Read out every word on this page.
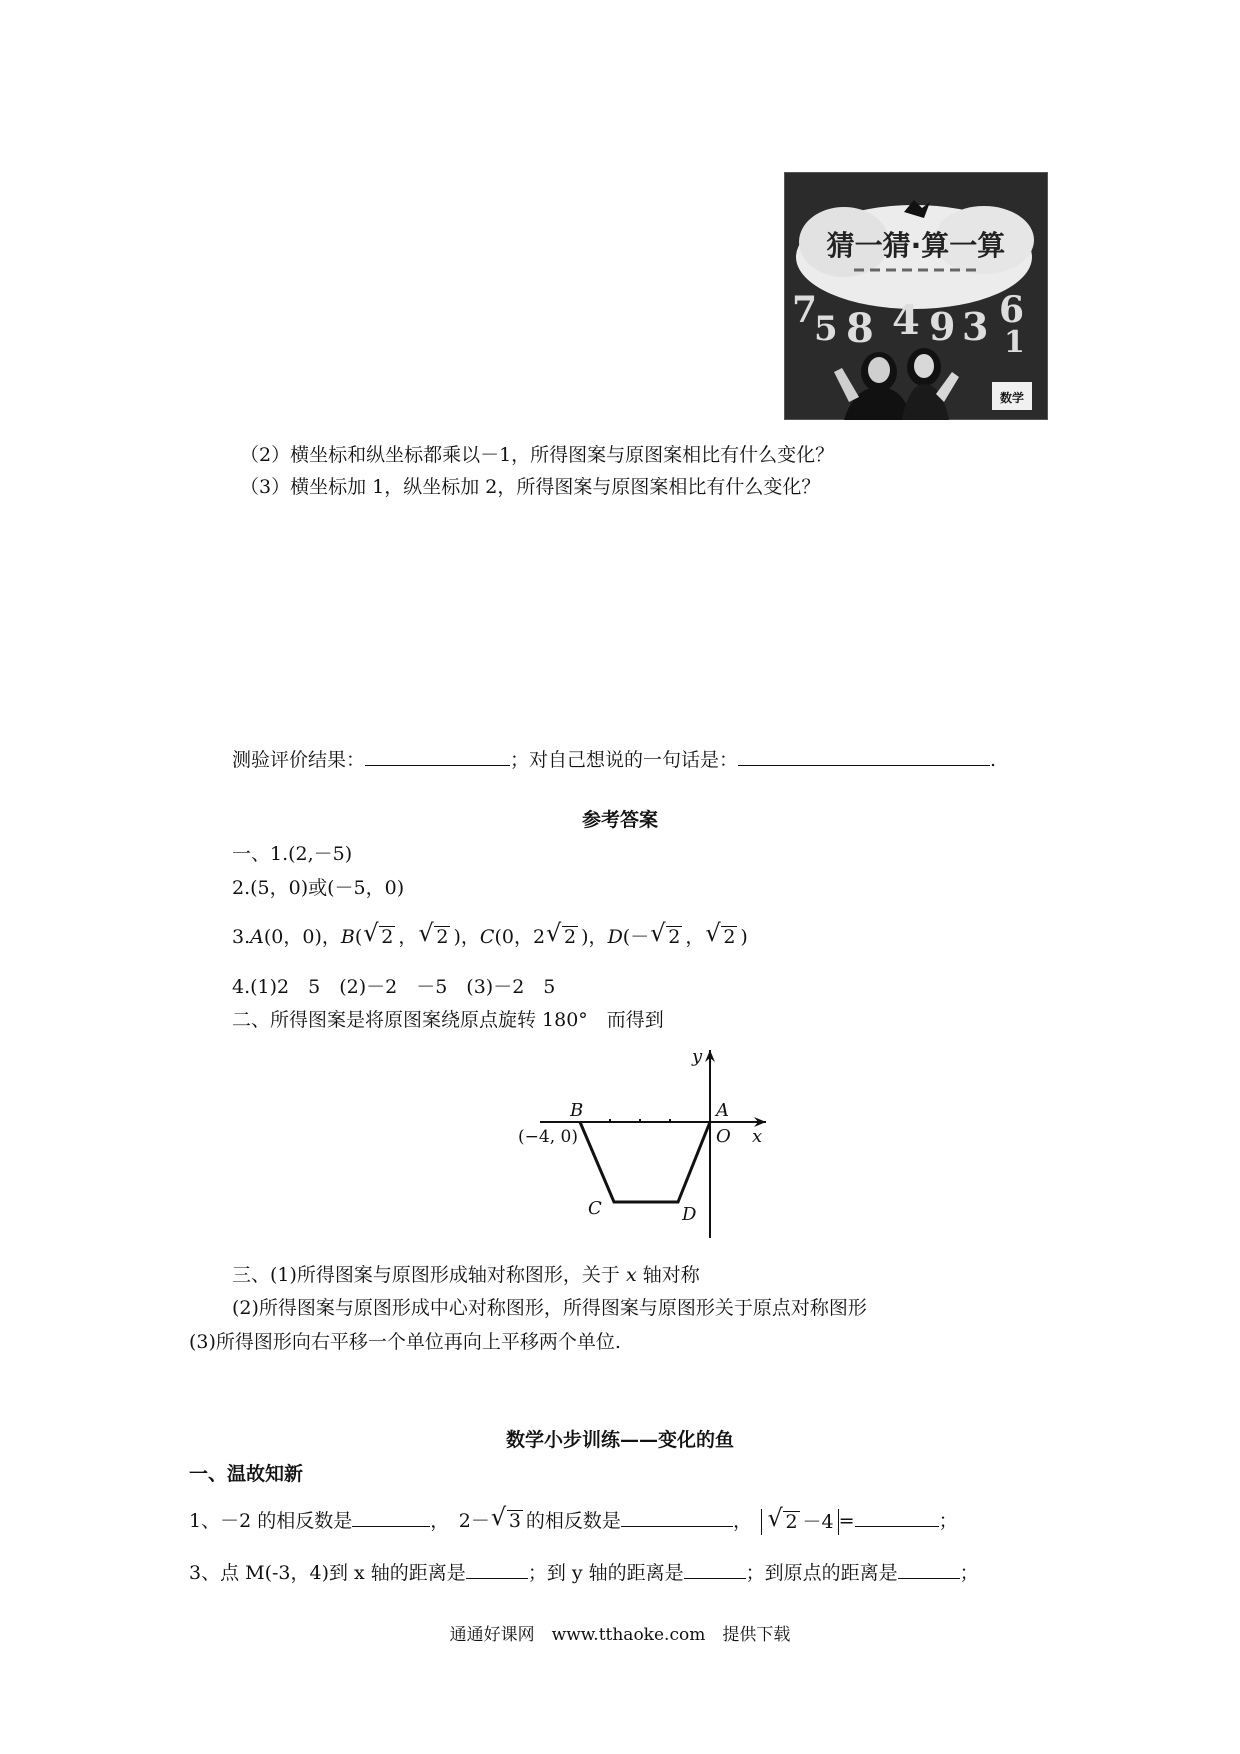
猜一猜·算一算
7
5 8 4 9 3 6
1
数学
（2）横坐标和纵坐标都乘以－1，所得图案与原图案相比有什么变化？
（3）横坐标加 1，纵坐标加 2，所得图案与原图案相比有什么变化？
测验评价结果：	；对自己想说的一句话是：	.
参考答案
一、1.(2,－5)
2.(5，0)或(－5，0)
3.A(0，0)，B( √ 2 ， √ 2 )，C(0，2 √ 2 )，D(－ √ 2 ， √ 2 )
4.(1)2　5　(2)－2　－5　(3)－2　5
二、所得图案是将原图案绕原点旋转 180°　而得到
y
x
B	A
O
C	D
(−4, 0)
三、(1)所得图案与原图形成轴对称图形，关于 x 轴对称
(2)所得图案与原图形成中心对称图形，所得图案与原图形关于原点对称图形
(3)所得图形向右平移一个单位再向上平移两个单位.
数学小步训练——变化的鱼
一、温故知新
1、－2 的相反数是	，  2－ √ 3 的相反数是	，  √ 2 －4 =	；
3、点 M(-3，4)到 x 轴的距离是	；到 y 轴的距离是	；到原点的距离是	；
通通好课网　www.tthaoke.com　提供下载
